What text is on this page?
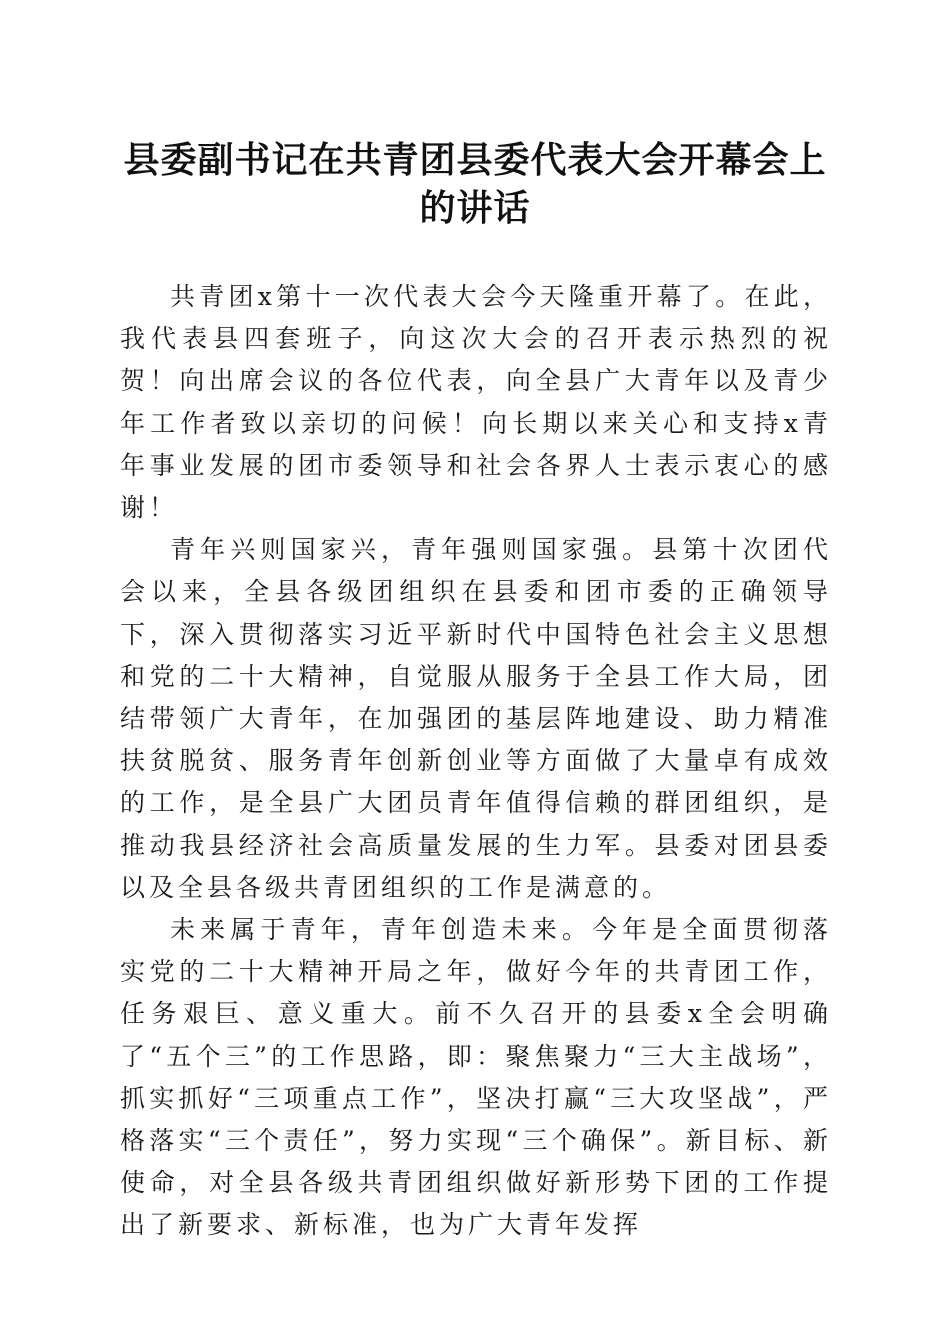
县委副书记在共青团县委代表大会开幕会上的讲话

共青团x第十一次代表大会今天隆重开幕了。在此，我代表县四套班子，向这次大会的召开表示热烈的祝贺！向出席会议的各位代表，向全县广大青年以及青少年工作者致以亲切的问候！向长期以来关心和支持x青年事业发展的团市委领导和社会各界人士表示衷心的感谢！

青年兴则国家兴，青年强则国家强。县第十次团代会以来，全县各级团组织在县委和团市委的正确领导下，深入贯彻落实习近平新时代中国特色社会主义思想和党的二十大精神，自觉服从服务于全县工作大局，团结带领广大青年，在加强团的基层阵地建设、助力精准扶贫脱贫、服务青年创新创业等方面做了大量卓有成效的工作，是全县广大团员青年值得信赖的群团组织，是推动我县经济社会高质量发展的生力军。县委对团县委以及全县各级共青团组织的工作是满意的。

未来属于青年，青年创造未来。今年是全面贯彻落实党的二十大精神开局之年，做好今年的共青团工作，任务艰巨、意义重大。前不久召开的县委x全会明确了“五个三”的工作思路，即：聚焦聚力“三大主战场”，抓实抓好“三项重点工作”，坚决打赢“三大攻坚战”，严格落实“三个责任”，努力实现“三个确保”。新目标、新使命，对全县各级共青团组织做好新形势下团的工作提出了新要求、新标准，也为广大青年发挥
